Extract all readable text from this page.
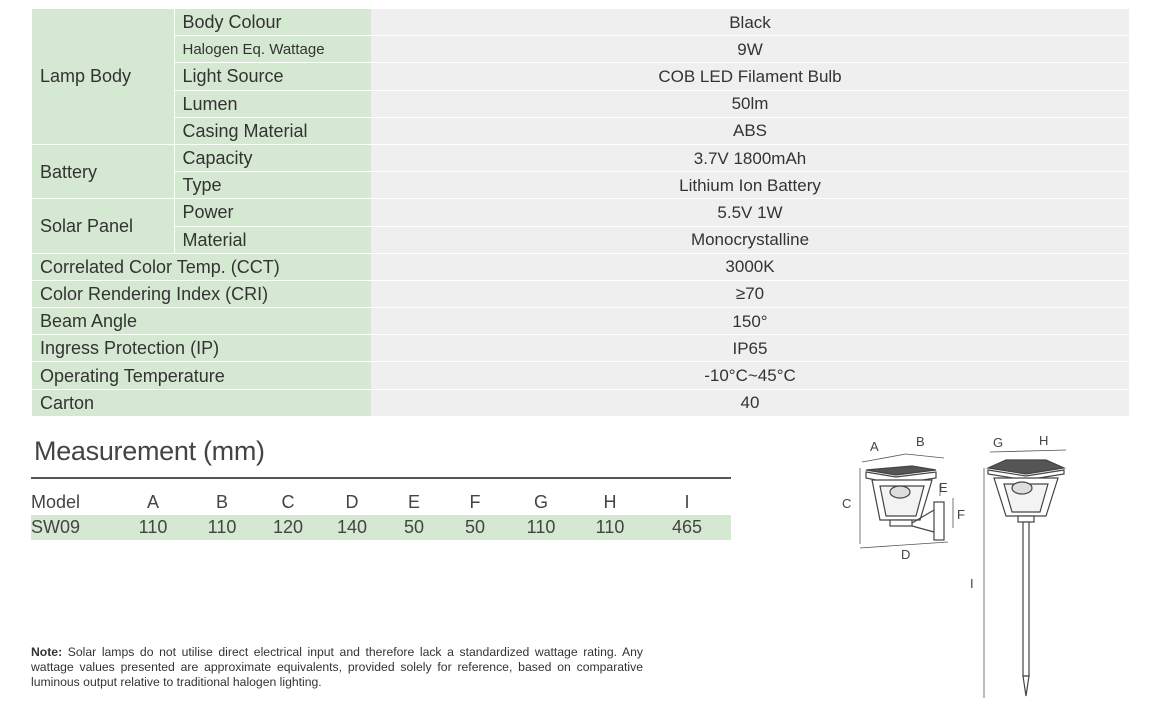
Lamp Body	Body Colour	Black
	Halogen Eq. Wattage	9W
	Light Source	COB LED Filament Bulb
	Lumen	50lm
	Casing Material	ABS
Battery	Capacity	3.7V 1800mAh
	Type	Lithium Ion Battery
Solar Panel	Power	5.5V 1W
	Material	Monocrystalline
Correlated Color Temp. (CCT)		3000K
Color Rendering Index (CRI)		≥70
Beam Angle		150°
Ingress Protection (IP)		IP65
Operating Temperature		-10°C~45°C
Carton		40
Measurement (mm)
Model	A	B	C	D	E	F	G	H	I
SW09	110	110	120	140	50	50	110	110	465
Note: Solar lamps do not utilise direct electrical input and therefore lack a standardized wattage rating. Any wattage values presented are approximate equivalents, provided solely for reference, based on comparative luminous output relative to traditional halogen lighting.
A	B
C
D
E
F
G	H
I
